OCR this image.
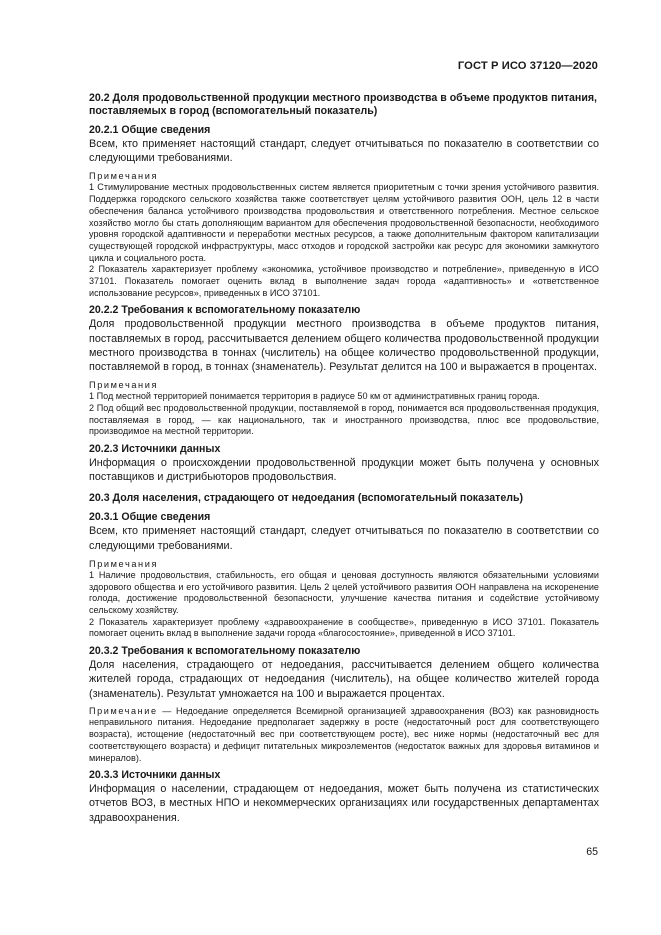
ГОСТ Р ИСО 37120—2020

20.2 Доля продовольственной продукции местного производства в объеме продуктов питания, поставляемых в город (вспомогательный показатель)

20.2.1 Общие сведения

Всем, кто применяет настоящий стандарт, следует отчитываться по показателю в соответствии со следующими требованиями.

Примечания

1 Стимулирование местных продовольственных систем является приоритетным с точки зрения устойчивого развития. Поддержка городского сельского хозяйства также соответствует целям устойчивого развития ООН, цель 12 в части обеспечения баланса устойчивого производства продовольствия и ответственного потребления. Местное сельское хозяйство могло бы стать дополняющим вариантом для обеспечения продовольственной безопасности, необходимого уровня городской адаптивности и переработки местных ресурсов, а также дополнительным фактором капитализации существующей городской инфраструктуры, масс отходов и городской застройки как ресурс для экономики замкнутого цикла и социального роста.

2 Показатель характеризует проблему «экономика, устойчивое производство и потребление», приведенную в ИСО 37101. Показатель помогает оценить вклад в выполнение задач города «адаптивность» и «ответственное использование ресурсов», приведенных в ИСО 37101.

20.2.2 Требования к вспомогательному показателю

Доля продовольственной продукции местного производства в объеме продуктов питания, поставляемых в город, рассчитывается делением общего количества продовольственной продукции местного производства в тоннах (числитель) на общее количество продовольственной продукции, поставляемой в город, в тоннах (знаменатель). Результат делится на 100 и выражается в процентах.

Примечания

1 Под местной территорией понимается территория в радиусе 50 км от административных границ города.

2 Под общий вес продовольственной продукции, поставляемой в город, понимается вся продовольственная продукция, поставляемая в город, — как национального, так и иностранного производства, плюс все продовольствие, производимое на местной территории.

20.2.3 Источники данных

Информация о происхождении продовольственной продукции может быть получена у основных поставщиков и дистрибьюторов продовольствия.

20.3 Доля населения, страдающего от недоедания (вспомогательный показатель)

20.3.1 Общие сведения

Всем, кто применяет настоящий стандарт, следует отчитываться по показателю в соответствии со следующими требованиями.

Примечания

1 Наличие продовольствия, стабильность, его общая и ценовая доступность являются обязательными условиями здорового общества и его устойчивого развития. Цель 2 целей устойчивого развития ООН направлена на искоренение голода, достижение продовольственной безопасности, улучшение качества питания и содействие устойчивому сельскому хозяйству.

2 Показатель характеризует проблему «здравоохранение в сообществе», приведенную в ИСО 37101. Показатель помогает оценить вклад в выполнение задачи города «благосостояние», приведенной в ИСО 37101.

20.3.2 Требования к вспомогательному показателю

Доля населения, страдающего от недоедания, рассчитывается делением общего количества жителей города, страдающих от недоедания (числитель), на общее количество жителей города (знаменатель). Результат умножается на 100 и выражается процентах.

Примечание — Недоедание определяется Всемирной организацией здравоохранения (ВОЗ) как разновидность неправильного питания. Недоедание предполагает задержку в росте (недостаточный рост для соответствующего возраста), истощение (недостаточный вес при соответствующем росте), вес ниже нормы (недостаточный вес для соответствующего возраста) и дефицит питательных микроэлементов (недостаток важных для здоровья витаминов и минералов).

20.3.3 Источники данных

Информация о населении, страдающем от недоедания, может быть получена из статистических отчетов ВОЗ, в местных НПО и некоммерческих организациях или государственных департаментах здравоохранения.

65
